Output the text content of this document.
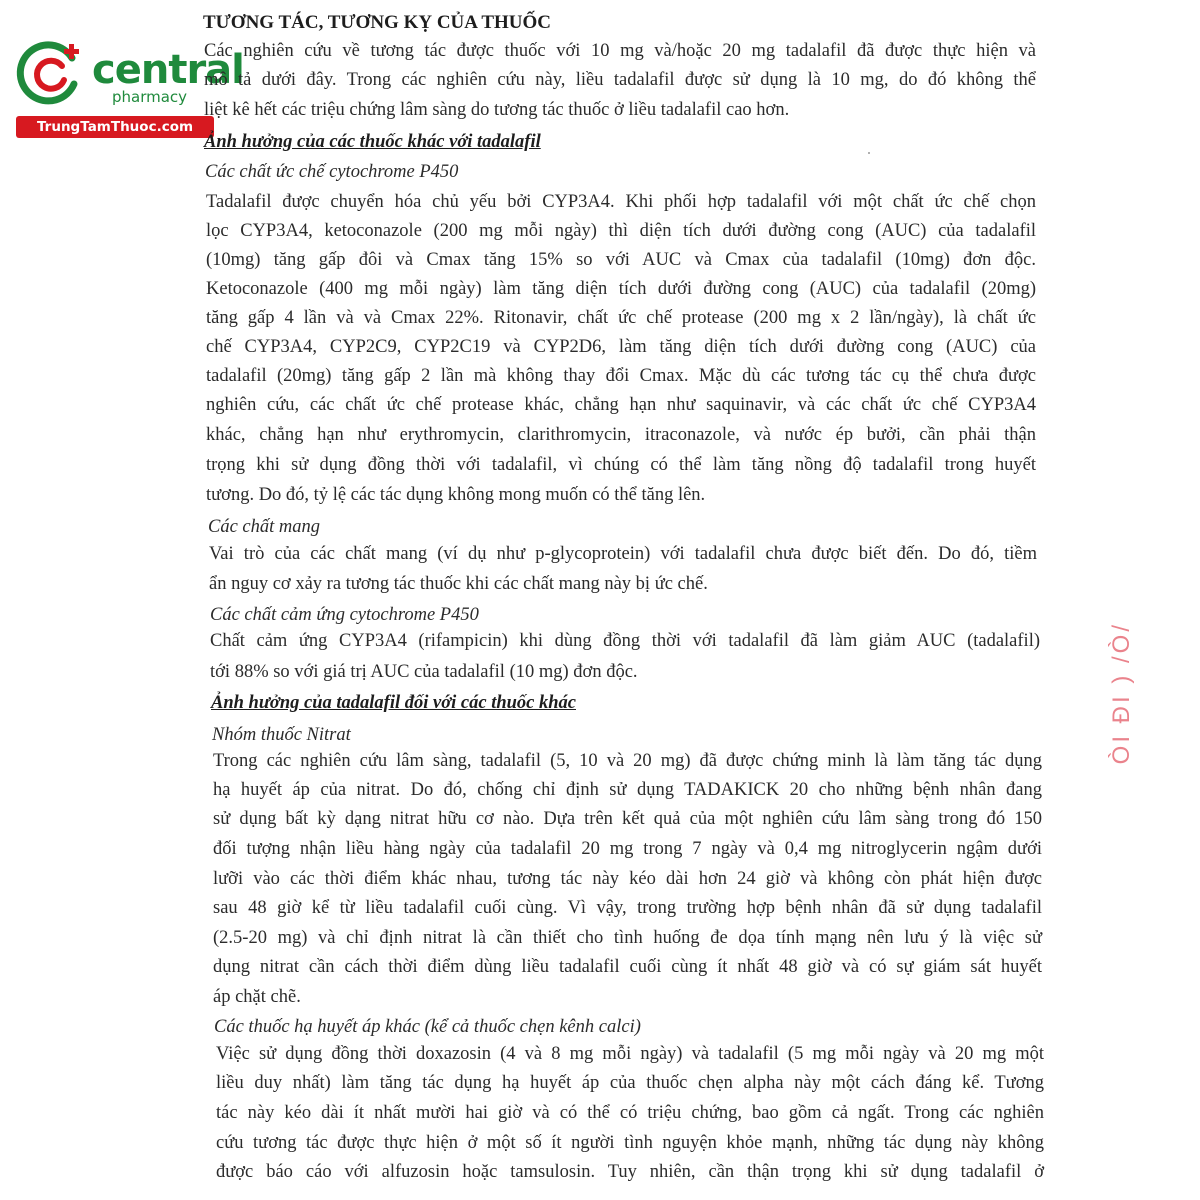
central
pharmacy
TrungTamThuoc.com
TƯƠNG TÁC, TƯƠNG KỴ CỦA THUỐC
Các nghiên cứu về tương tác được thuốc với 10 mg và/hoặc 20 mg tadalafil đã được thực hiện và
mô tả dưới đây. Trong các nghiên cứu này, liều tadalafil được sử dụng là 10 mg, do đó không thể
liệt kê hết các triệu chứng lâm sàng do tương tác thuốc ở liều tadalafil cao hơn.
Ảnh hưởng của các thuốc khác với tadalafil
Các chất ức chế cytochrome P450
Tadalafil được chuyển hóa chủ yếu bởi CYP3A4. Khi phối hợp tadalafil với một chất ức chế chọn
lọc CYP3A4, ketoconazole (200 mg mỗi ngày) thì diện tích dưới đường cong (AUC) của tadalafil
(10mg) tăng gấp đôi và Cmax tăng 15% so với AUC và Cmax của tadalafil (10mg) đơn độc.
Ketoconazole (400 mg mỗi ngày) làm tăng diện tích dưới đường cong (AUC) của tadalafil (20mg)
tăng gấp 4 lần và và Cmax 22%. Ritonavir, chất ức chế protease (200 mg x 2 lần/ngày), là chất ức
chế CYP3A4, CYP2C9, CYP2C19 và CYP2D6, làm tăng diện tích dưới đường cong (AUC) của
tadalafil (20mg) tăng gấp 2 lần mà không thay đổi Cmax. Mặc dù các tương tác cụ thể chưa được
nghiên cứu, các chất ức chế protease khác, chẳng hạn như saquinavir, và các chất ức chế CYP3A4
khác, chẳng hạn như erythromycin, clarithromycin, itraconazole, và nước ép bưởi, cần phải thận
trọng khi sử dụng đồng thời với tadalafil, vì chúng có thể làm tăng nồng độ tadalafil trong huyết
tương. Do đó, tỷ lệ các tác dụng không mong muốn có thể tăng lên.
Các chất mang
Vai trò của các chất mang (ví dụ như p-glycoprotein) với tadalafil chưa được biết đến. Do đó, tiềm
ẩn nguy cơ xảy ra tương tác thuốc khi các chất mang này bị ức chế.
Các chất cảm ứng cytochrome P450
Chất cảm ứng CYP3A4 (rifampicin) khi dùng đồng thời với tadalafil đã làm giảm AUC (tadalafil)
tới 88% so với giá trị AUC của tadalafil (10 mg) đơn độc.
Ảnh hưởng của tadalafil đối với các thuốc khác
Nhóm thuốc Nitrat
Trong các nghiên cứu lâm sàng, tadalafil (5, 10 và 20 mg) đã được chứng minh là làm tăng tác dụng
hạ huyết áp của nitrat. Do đó, chống chỉ định sử dụng TADAKICK 20 cho những bệnh nhân đang
sử dụng bất kỳ dạng nitrat hữu cơ nào. Dựa trên kết quả của một nghiên cứu lâm sàng trong đó 150
đối tượng nhận liều hàng ngày của tadalafil 20 mg trong 7 ngày và 0,4 mg nitroglycerin ngậm dưới
lưỡi vào các thời điểm khác nhau, tương tác này kéo dài hơn 24 giờ và không còn phát hiện được
sau 48 giờ kể từ liều tadalafil cuối cùng. Vì vậy, trong trường hợp bệnh nhân đã sử dụng tadalafil
(2.5-20 mg) và chỉ định nitrat là cần thiết cho tình huống đe dọa tính mạng nên lưu ý là việc sử
dụng nitrat cần cách thời điểm dùng liều tadalafil cuối cùng ít nhất 48 giờ và có sự giám sát huyết
áp chặt chẽ.
Các thuốc hạ huyết áp khác (kể cả thuốc chẹn kênh calci)
Việc sử dụng đồng thời doxazosin (4 và 8 mg mỗi ngày) và tadalafil (5 mg mỗi ngày và 20 mg một
liều duy nhất) làm tăng tác dụng hạ huyết áp của thuốc chẹn alpha này một cách đáng kể. Tương
tác này kéo dài ít nhất mười hai giờ và có thể có triệu chứng, bao gồm cả ngất. Trong các nghiên
cứu tương tác được thực hiện ở một số ít người tình nguyện khỏe mạnh, những tác dụng này không
được báo cáo với alfuzosin hoặc tamsulosin. Tuy nhiên, cần thận trọng khi sử dụng tadalafil ở
ÒI ÐI ) /Ò/
